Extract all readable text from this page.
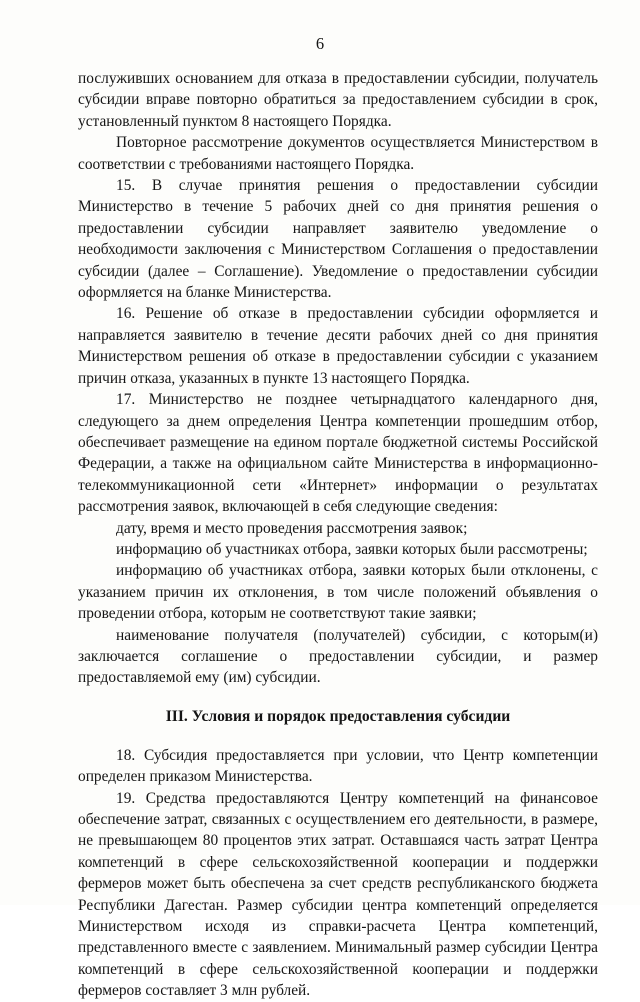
6

послуживших основанием для отказа в предоставлении субсидии, получатель субсидии вправе повторно обратиться за предоставлением субсидии в срок, установленный пунктом 8 настоящего Порядка.

Повторное рассмотрение документов осуществляется Министерством в соответствии с требованиями настоящего Порядка.

15. В случае принятия решения о предоставлении субсидии Министерство в течение 5 рабочих дней со дня принятия решения о предоставлении субсидии направляет заявителю уведомление о необходимости заключения с Министерством Соглашения о предоставлении субсидии (далее – Соглашение). Уведомление о предоставлении субсидии оформляется на бланке Министерства.

16. Решение об отказе в предоставлении субсидии оформляется и направляется заявителю в течение десяти рабочих дней со дня принятия Министерством решения об отказе в предоставлении субсидии с указанием причин отказа, указанных в пункте 13 настоящего Порядка.

17. Министерство не позднее четырнадцатого календарного дня, следующего за днем определения Центра компетенции прошедшим отбор, обеспечивает размещение на едином портале бюджетной системы Российской Федерации, а также на официальном сайте Министерства в информационно-телекоммуникационной сети «Интернет» информации о результатах рассмотрения заявок, включающей в себя следующие сведения:

дату, время и место проведения рассмотрения заявок;

информацию об участниках отбора, заявки которых были рассмотрены;

информацию об участниках отбора, заявки которых были отклонены, с указанием причин их отклонения, в том числе положений объявления о проведении отбора, которым не соответствуют такие заявки;

наименование получателя (получателей) субсидии, с которым(и) заключается соглашение о предоставлении субсидии, и размер предоставляемой ему (им) субсидии.

III. Условия и порядок предоставления субсидии

18. Субсидия предоставляется при условии, что Центр компетенции определен приказом Министерства.

19. Средства предоставляются Центру компетенций на финансовое обеспечение затрат, связанных с осуществлением его деятельности, в размере, не превышающем 80 процентов этих затрат. Оставшаяся часть затрат Центра компетенций в сфере сельскохозяйственной кооперации и поддержки фермеров может быть обеспечена за счет средств республиканского бюджета Республики Дагестан. Размер субсидии центра компетенций определяется Министерством исходя из справки-расчета Центра компетенций, представленного вместе с заявлением. Минимальный размер субсидии Центра компетенций в сфере сельскохозяйственной кооперации и поддержки фермеров составляет 3 млн рублей.
